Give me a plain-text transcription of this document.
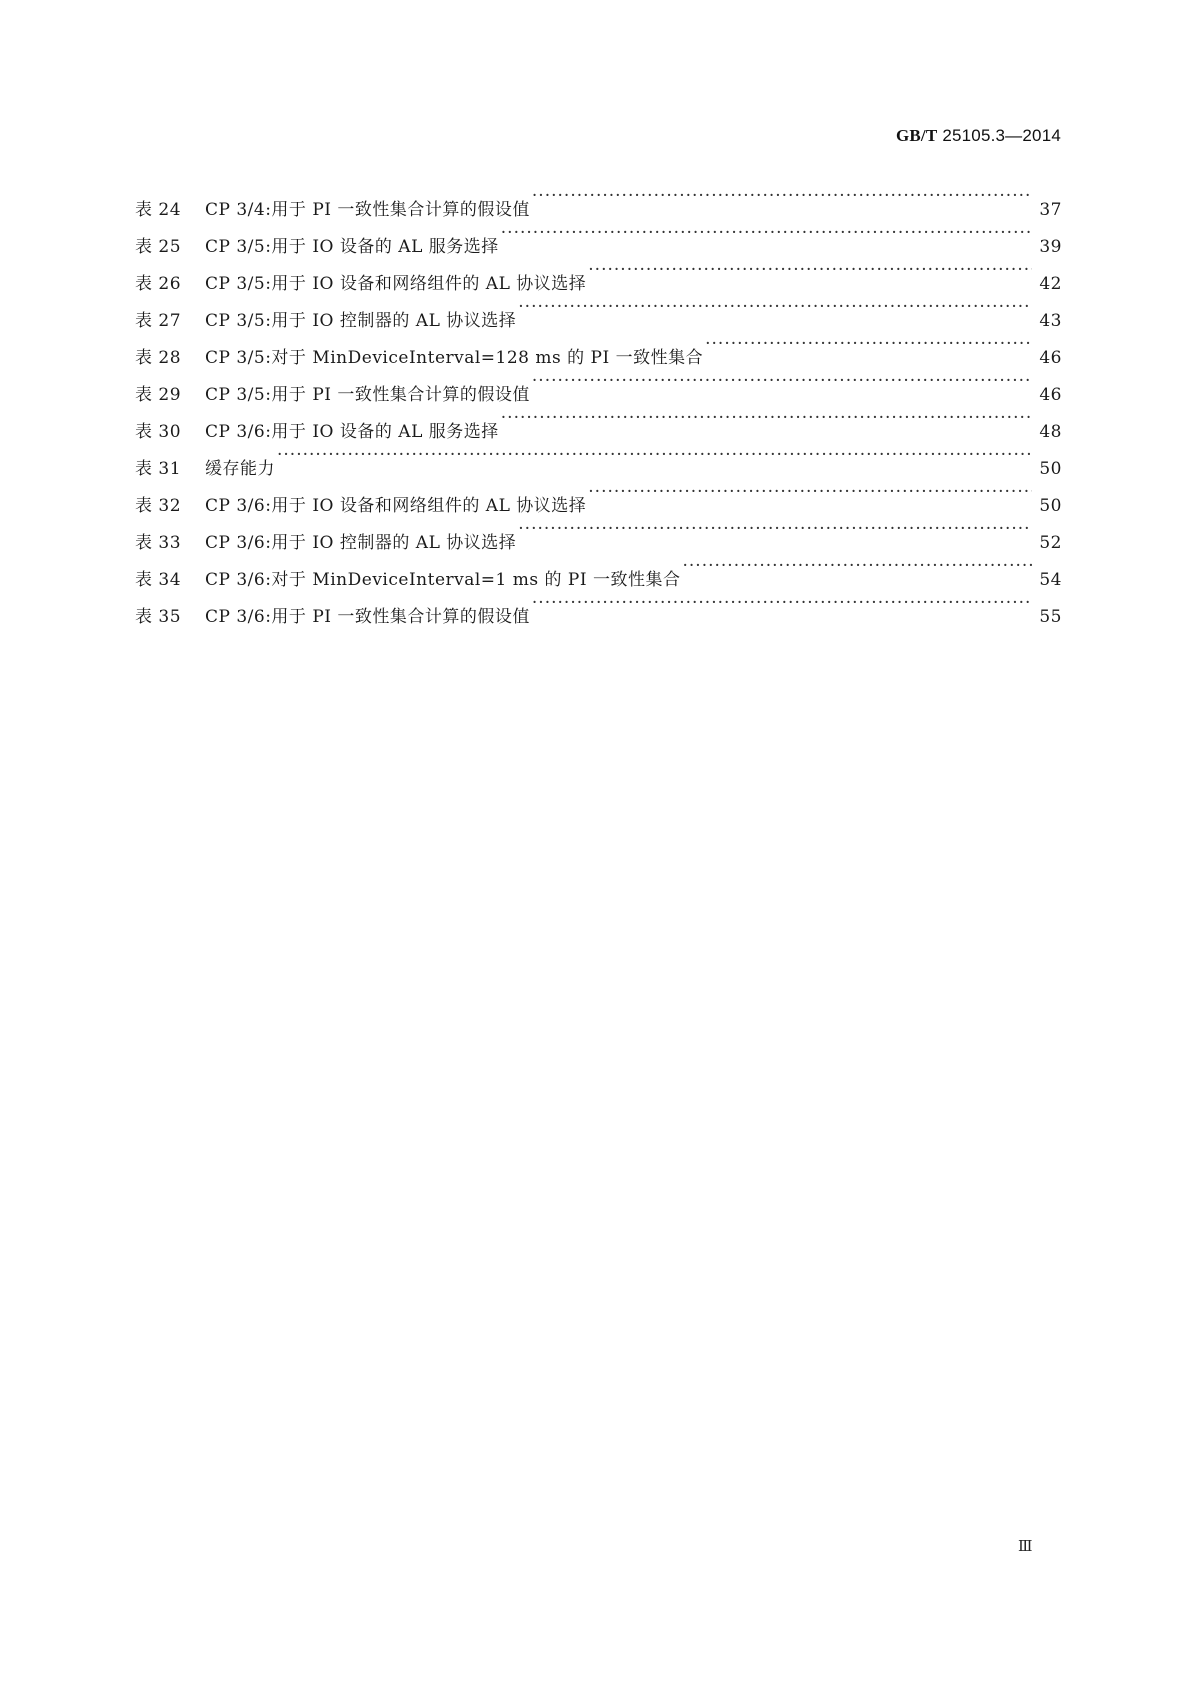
GB/T 25105.3—2014
表 24	CP 3/4:用于 PI 一致性集合计算的假设值 ·····	37
表 25	CP 3/5:用于 IO 设备的 AL 服务选择 ·····	39
表 26	CP 3/5:用于 IO 设备和网络组件的 AL 协议选择 ·····	42
表 27	CP 3/5:用于 IO 控制器的 AL 协议选择 ·····	43
表 28	CP 3/5:对于 MinDeviceInterval=128 ms 的 PI 一致性集合 ·····	46
表 29	CP 3/5:用于 PI 一致性集合计算的假设值 ·····	46
表 30	CP 3/6:用于 IO 设备的 AL 服务选择 ·····	48
表 31	缓存能力 ·····	50
表 32	CP 3/6:用于 IO 设备和网络组件的 AL 协议选择 ·····	50
表 33	CP 3/6:用于 IO 控制器的 AL 协议选择 ·····	52
表 34	CP 3/6:对于 MinDeviceInterval=1 ms 的 PI 一致性集合 ·····	54
表 35	CP 3/6:用于 PI 一致性集合计算的假设值 ·····	55
Ⅲ
